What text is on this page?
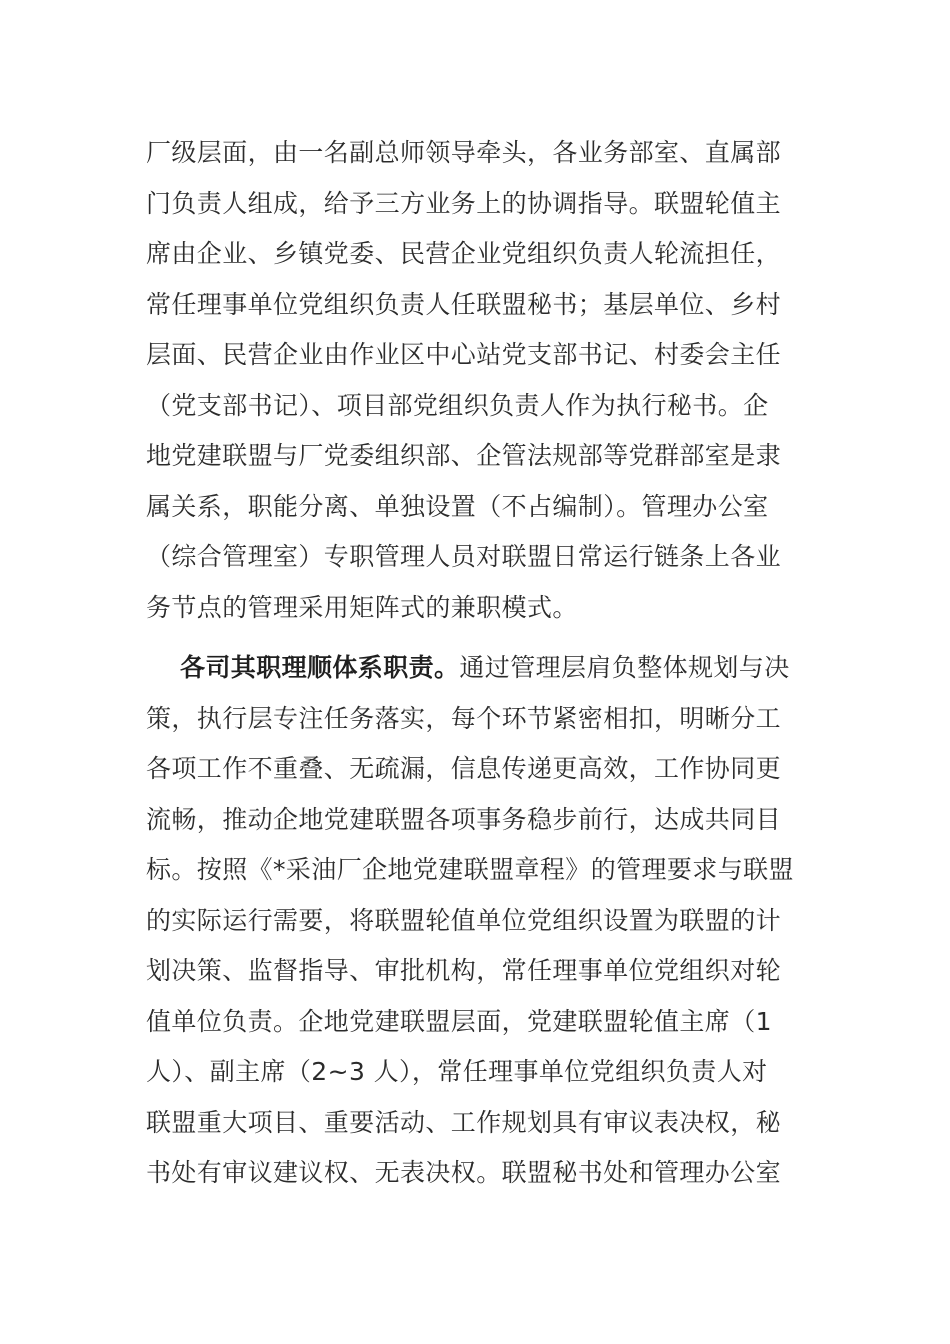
厂级层面，由一名副总师领导牵头，各业务部室、直属部
门负责人组成，给予三方业务上的协调指导。联盟轮值主
席由企业、乡镇党委、民营企业党组织负责人轮流担任，
常任理事单位党组织负责人任联盟秘书；基层单位、乡村
层面、民营企业由作业区中心站党支部书记、村委会主任
（党支部书记）、项目部党组织负责人作为执行秘书。企
地党建联盟与厂党委组织部、企管法规部等党群部室是隶
属关系，职能分离、单独设置（不占编制）。管理办公室
（综合管理室）专职管理人员对联盟日常运行链条上各业
务节点的管理采用矩阵式的兼职模式。
各司其职理顺体系职责。通过管理层肩负整体规划与决
策，执行层专注任务落实，每个环节紧密相扣，明晰分工
各项工作不重叠、无疏漏，信息传递更高效，工作协同更
流畅，推动企地党建联盟各项事务稳步前行，达成共同目
标。按照《*采油厂企地党建联盟章程》的管理要求与联盟
的实际运行需要，将联盟轮值单位党组织设置为联盟的计
划决策、监督指导、审批机构，常任理事单位党组织对轮
值单位负责。企地党建联盟层面，党建联盟轮值主席（1
人）、副主席（2~3 人），常任理事单位党组织负责人对
联盟重大项目、重要活动、工作规划具有审议表决权，秘
书处有审议建议权、无表决权。联盟秘书处和管理办公室
